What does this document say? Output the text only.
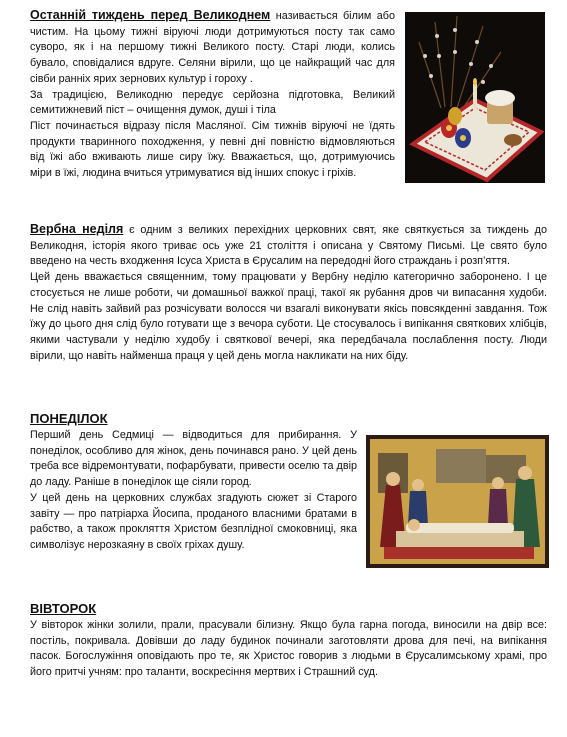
Останній тиждень перед Великоднем називається білим або чистим. На цьому тижні віруючі люди дотримуються посту так само суворо, як і на першому тижні Великого посту. Старі люди, колись бувало, сповідалися вдруге. Селяни вірили, що це найкращий час для сівби ранніх ярих зернових культур і гороху .

За традицією, Великодню передує серйозна підготовка, Великий семитижневий піст – очищення думок, душі і тіла

Піст починається відразу після Масляної. Сім тижнів віруючі не їдять продукти тваринного походження, у певні дні повністю відмовляються від їжі або вживають лише сиру їжу. Вважається, що, дотримуючись міри в їжі, людина вчиться утримуватися від інших спокус і гріхів.

Вербна неділя є одним з великих перехідних церковних свят, яке святкується за тиждень до Великодня, історія якого триває ось уже 21 століття і описана у Святому Письмі. Це свято було введено на честь входження Ісуса Христа в Єрусалим на передодні його страждань і розп’яття.

Цей день вважається священним, тому працювати у Вербну неділю категорично заборонено. І це стосується не лише роботи, чи домашньої важкої праці, такої як рубання дров чи випасання худоби. Не слід навіть зайвий раз розчісувати волосся чи взагалі виконувати якісь повсякденні завдання. Тож їжу до цього дня слід було готувати ще з вечора суботи. Це стосувалось і випікання святкових хлібців, якими частували у неділю худобу і святкової вечері, яка передбачала послаблення посту. Люди вірили, що навіть найменша праця у цей день могла накликати на них біду.

ПОНЕДІЛОК

Перший день Седмиці — відводиться для прибирання. У понеділок, особливо для жінок, день починався рано. У цей день треба все відремонтувати, пофарбувати, привести оселю та двір до ладу. Раніше в понеділок ще сіяли город.

У цей день на церковних службах згадують сюжет зі Старого завіту — про патріарха Йосипа, проданого власними братами в рабство, а також прокляття Христом безплідної смоковниці, яка символізує нерозкаяну в своїх гріхах душу.

ВІВТОРОК

У вівторок жінки золили, прали, прасували білизну. Якщо була гарна погода, виносили на двір все: постіль, покривала. Довівши до ладу будинок починали заготовляти дрова для печі, на випікання пасок. Богослужіння оповідають про те, як Христос говорив з людьми в Єрусалимському храмі, про його притчі учням: про таланти, воскресіння мертвих і Страшний суд.
